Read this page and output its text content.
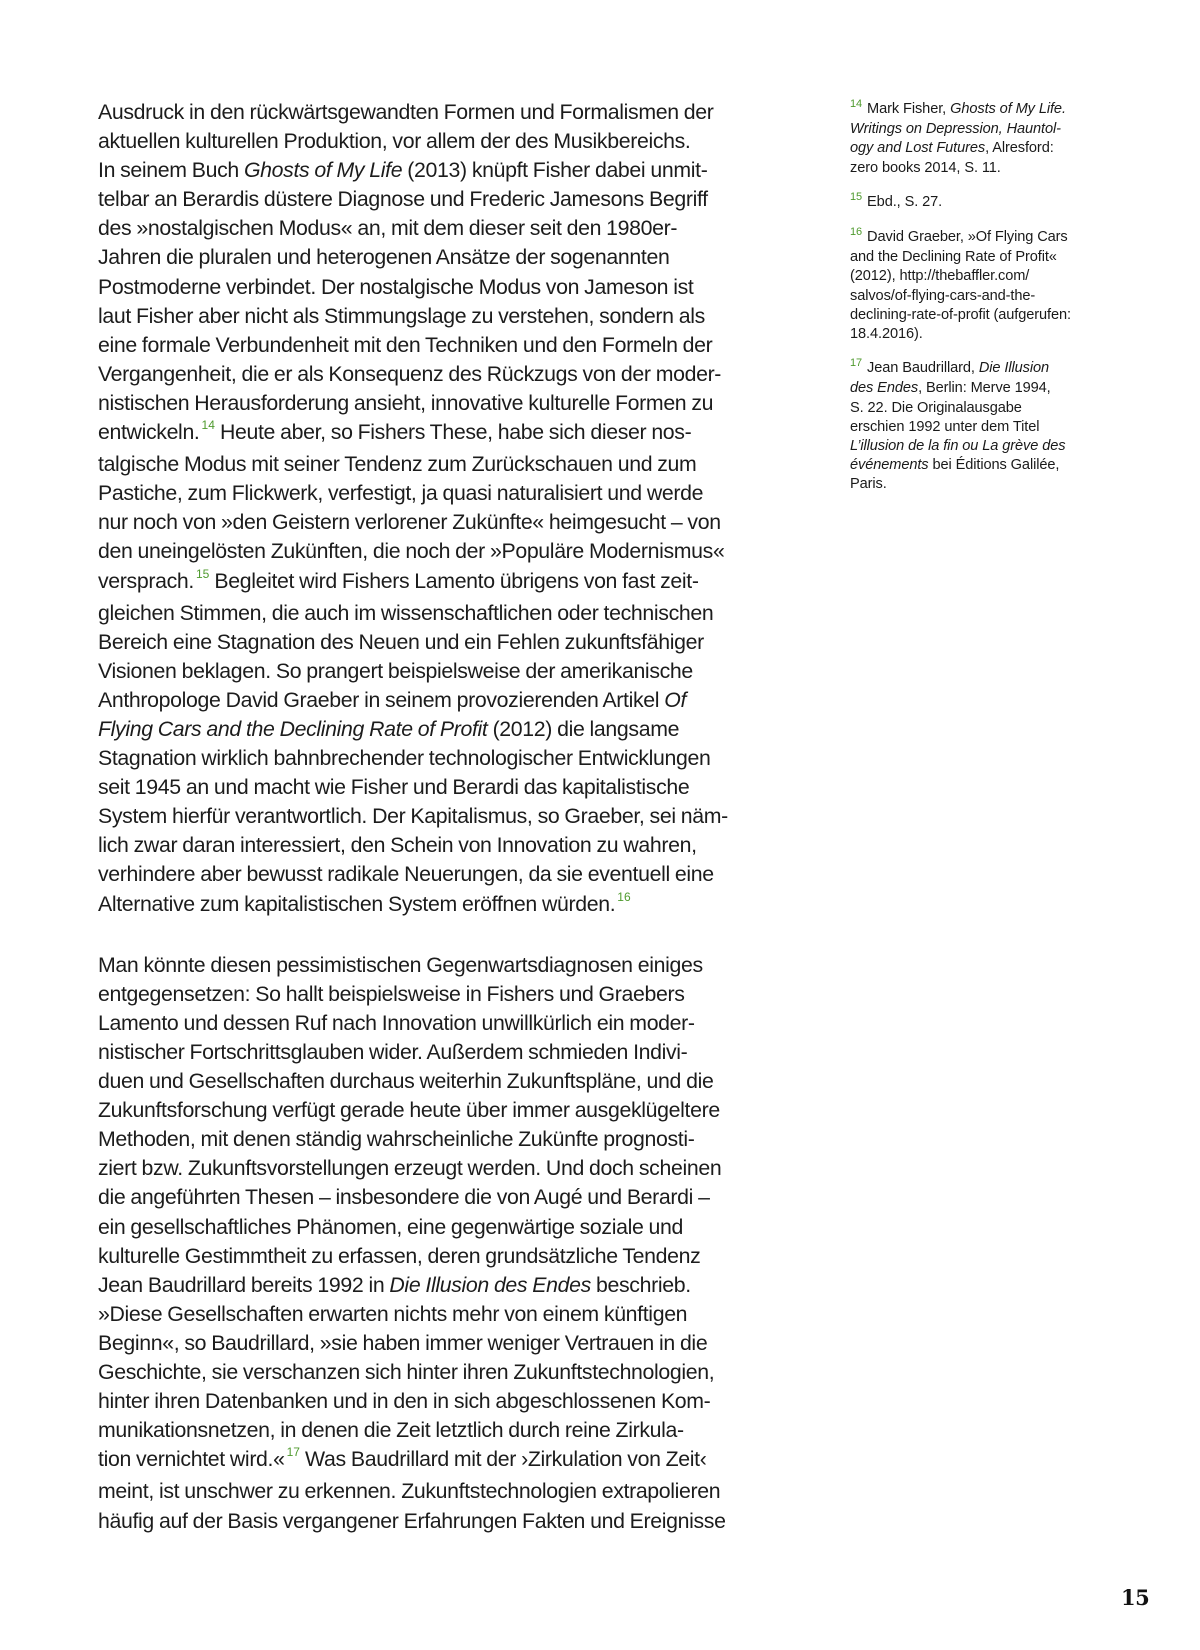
Ausdruck in den rückwärtsgewandten Formen und Formalismen der
aktuellen kulturellen Produktion, vor allem der des Musikbereichs.
In seinem Buch Ghosts of My Life (2013) knüpft Fisher dabei unmit-
telbar an Berardis düstere Diagnose und Frederic Jamesons Begriff
des »nostalgischen Modus« an, mit dem dieser seit den 1980er-
Jahren die pluralen und heterogenen Ansätze der sogenannten
Postmoderne verbindet. Der nostalgische Modus von Jameson ist
laut Fisher aber nicht als Stimmungslage zu verstehen, sondern als
eine formale Verbundenheit mit den Techniken und den Formeln der
Vergangenheit, die er als Konsequenz des Rückzugs von der moder-
nistischen Herausforderung ansieht, innovative kulturelle Formen zu
entwickeln. $^{14}$ Heute aber, so Fishers These, habe sich dieser nos-
talgische Modus mit seiner Tendenz zum Zurückschauen und zum
Pastiche, zum Flickwerk, verfestigt, ja quasi naturalisiert und werde
nur noch von »den Geistern verlorener Zukünfte« heimgesucht – von
den uneingelösten Zukünften, die noch der »Populäre Modernismus«
versprach. $^{15}$ Begleitet wird Fishers Lamento übrigens von fast zeit-
gleichen Stimmen, die auch im wissenschaftlichen oder technischen
Bereich eine Stagnation des Neuen und ein Fehlen zukunftsfähiger
Visionen beklagen. So prangert beispielsweise der amerikanische
Anthropologe David Graeber in seinem provozierenden Artikel Of
Flying Cars and the Declining Rate of Profit (2012) die langsame
Stagnation wirklich bahnbrechender technologischer Entwicklungen
seit 1945 an und macht wie Fisher und Berardi das kapitalistische
System hierfür verantwortlich. Der Kapitalismus, so Graeber, sei näm-
lich zwar daran interessiert, den Schein von Innovation zu wahren,
verhindere aber bewusst radikale Neuerungen, da sie eventuell eine
Alternative zum kapitalistischen System eröffnen würden. $^{16}$
Man könnte diesen pessimistischen Gegenwartsdiagnosen einiges
entgegensetzen: So hallt beispielsweise in Fishers und Graebers
Lamento und dessen Ruf nach Innovation unwillkürlich ein moder-
nistischer Fortschrittsglauben wider. Außerdem schmieden Indivi-
duen und Gesellschaften durchaus weiterhin Zukunftspläne, und die
Zukunftsforschung verfügt gerade heute über immer ausgeklügeltere
Methoden, mit denen ständig wahrscheinliche Zukünfte prognosti-
ziert bzw. Zukunftsvorstellungen erzeugt werden. Und doch scheinen
die angeführten Thesen – insbesondere die von Augé und Berardi –
ein gesellschaftliches Phänomen, eine gegenwärtige soziale und
kulturelle Gestimmtheit zu erfassen, deren grundsätzliche Tendenz
Jean Baudrillard bereits 1992 in Die Illusion des Endes beschrieb.
»Diese Gesellschaften erwarten nichts mehr von einem künftigen
Beginn«, so Baudrillard, »sie haben immer weniger Vertrauen in die
Geschichte, sie verschanzen sich hinter ihren Zukunftstechnologien,
hinter ihren Datenbanken und in den in sich abgeschlossenen Kom-
munikationsnetzen, in denen die Zeit letztlich durch reine Zirkula-
tion vernichtet wird.« $^{17}$ Was Baudrillard mit der ›Zirkulation von Zeit‹
meint, ist unschwer zu erkennen. Zukunftstechnologien extrapolieren
häufig auf der Basis vergangener Erfahrungen Fakten und Ereignisse
$^{14}$ Mark Fisher, Ghosts of My Life.
Writings on Depression, Hauntol-
ogy and Lost Futures, Alresford:
zero books 2014, S. 11.
$^{15}$ Ebd., S. 27.
$^{16}$ David Graeber, »Of Flying Cars
and the Declining Rate of Profit«
(2012), http://thebaffler.com/
salvos/of-flying-cars-and-the-
declining-rate-of-profit (aufgerufen:
18.4.2016).
$^{17}$ Jean Baudrillard, Die Illusion
des Endes, Berlin: Merve 1994,
S. 22. Die Originalausgabe
erschien 1992 unter dem Titel
L’illusion de la fin ou La grève des
événements bei Éditions Galilée,
Paris.
15
